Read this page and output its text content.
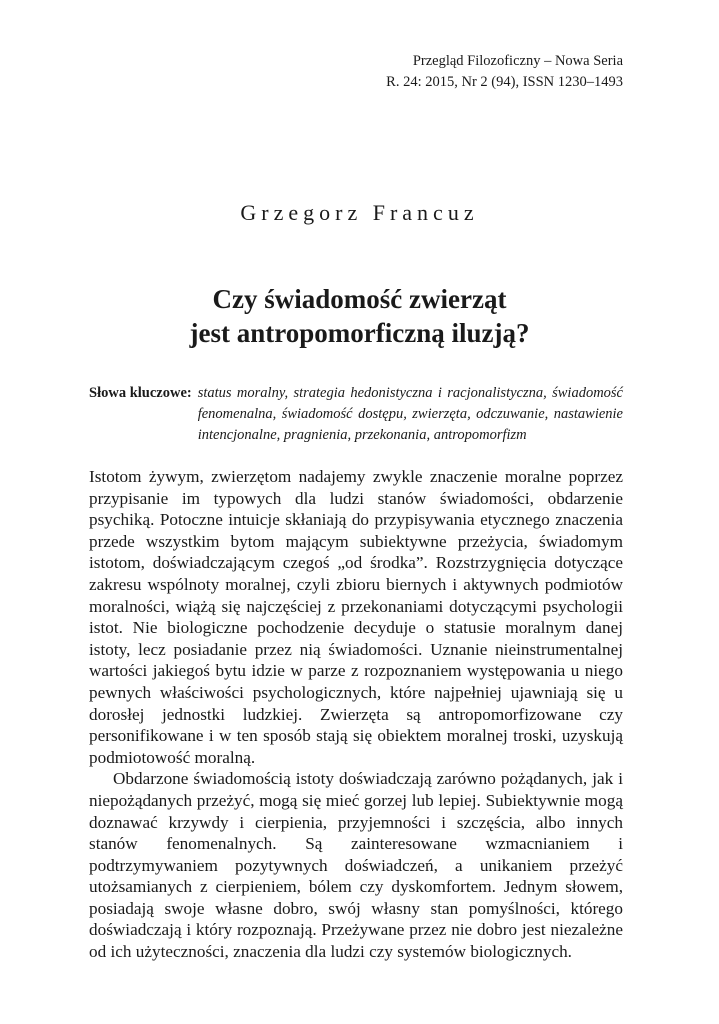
Przegląd Filozoficzny – Nowa Seria
R. 24: 2015, Nr 2 (94), ISSN 1230–1493
Grzegorz Francuz
Czy świadomość zwierząt
jest antropomorficzną iluzją?
Słowa kluczowe: status moralny, strategia hedonistyczna i racjonalistyczna, świadomość fenomenalna, świadomość dostępu, zwierzęta, odczuwanie, nastawienie intencjonalne, pragnienia, przekonania, antropomorfizm

Istotom żywym, zwierzętom nadajemy zwykle znaczenie moralne poprzez przypisanie im typowych dla ludzi stanów świadomości, obdarzenie psychiką. Potoczne intuicje skłaniają do przypisywania etycznego znaczenia przede wszystkim bytom mającym subiektywne przeżycia, świadomym istotom, doświadczającym czegoś „od środka”. Rozstrzygnięcia dotyczące zakresu wspólnoty moralnej, czyli zbioru biernych i aktywnych podmiotów moralności, wiążą się najczęściej z przekonaniami dotyczącymi psychologii istot. Nie biologiczne pochodzenie decyduje o statusie moralnym danej istoty, lecz posiadanie przez nią świadomości. Uznanie nieinstrumentalnej wartości jakiegoś bytu idzie w parze z rozpoznaniem występowania u niego pewnych właściwości psychologicznych, które najpełniej ujawniają się u dorosłej jednostki ludzkiej. Zwierzęta są antropomorfizowane czy personifikowane i w ten sposób stają się obiektem moralnej troski, uzyskują podmiotowość moralną.

Obdarzone świadomością istoty doświadczają zarówno pożądanych, jak i niepożądanych przeżyć, mogą się mieć gorzej lub lepiej. Subiektywnie mogą doznawać krzywdy i cierpienia, przyjemności i szczęścia, albo innych stanów fenomenalnych. Są zainteresowane wzmacnianiem i podtrzymywaniem pozytywnych doświadczeń, a unikaniem przeżyć utożsamianych z cierpieniem, bólem czy dyskomfortem. Jednym słowem, posiadają swoje własne dobro, swój własny stan pomyślności, którego doświadczają i który rozpoznają. Przeżywane przez nie dobro jest niezależne od ich użyteczności, znaczenia dla ludzi czy systemów biologicznych.
